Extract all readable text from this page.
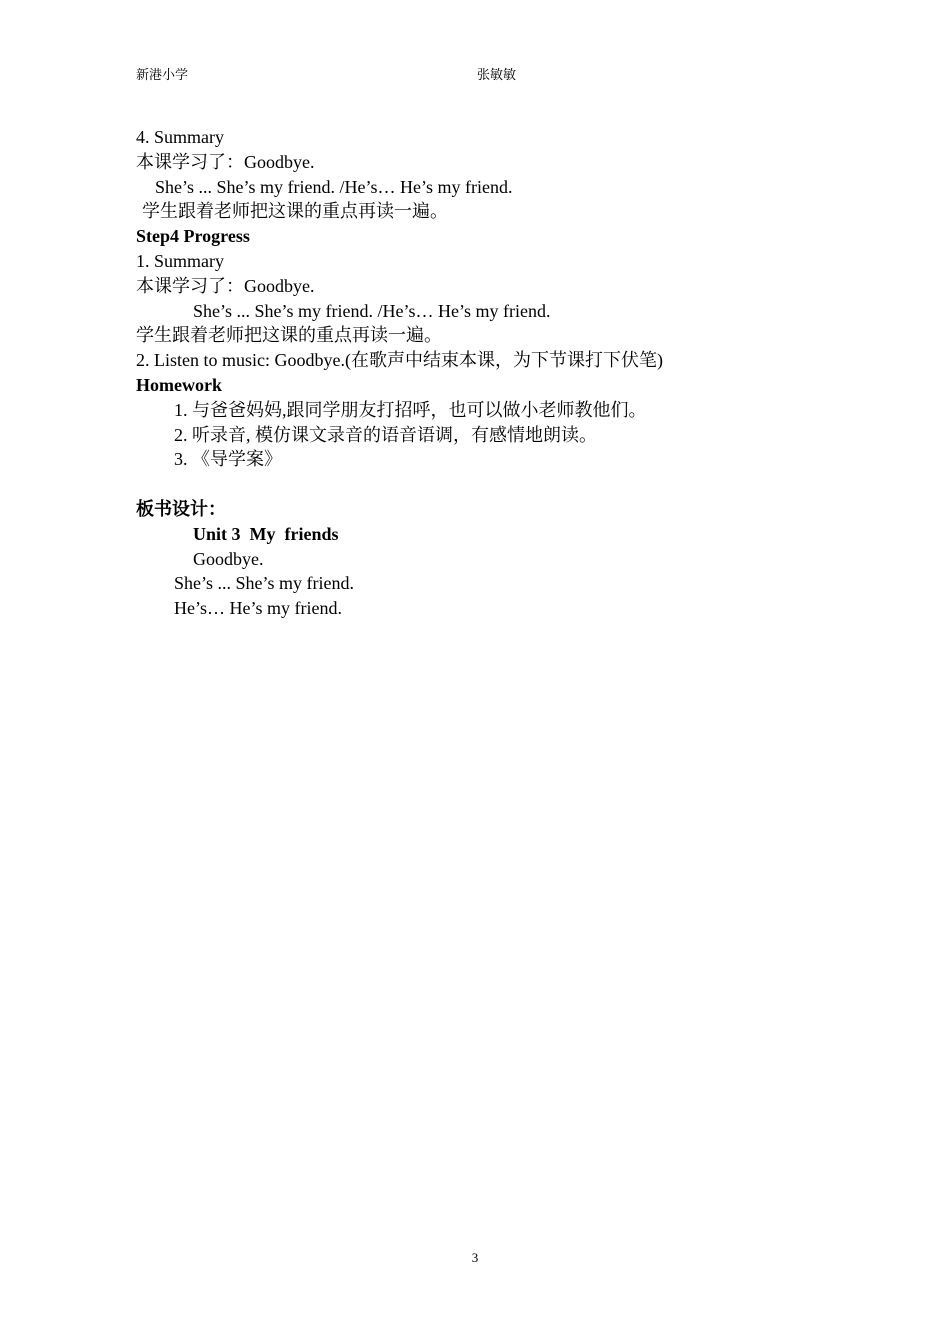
新港小学	张敏敏
4. Summary
本课学习了：Goodbye.
She’s ... She’s my friend. /He’s… He’s my friend.
学生跟着老师把这课的重点再读一遍。
Step4 Progress
1. Summary
本课学习了：Goodbye.
She’s ... She’s my friend. /He’s… He’s my friend.
学生跟着老师把这课的重点再读一遍。
2. Listen to music: Goodbye.(在歌声中结束本课，为下节课打下伏笔)
Homework
1. 与爸爸妈妈,跟同学朋友打招呼，也可以做小老师教他们。
2. 听录音, 模仿课文录音的语音语调，有感情地朗读。
3. 《导学案》
板书设计：
Unit 3  My  friends
Goodbye.
She’s ... She’s my friend.
He’s… He’s my friend.
3
